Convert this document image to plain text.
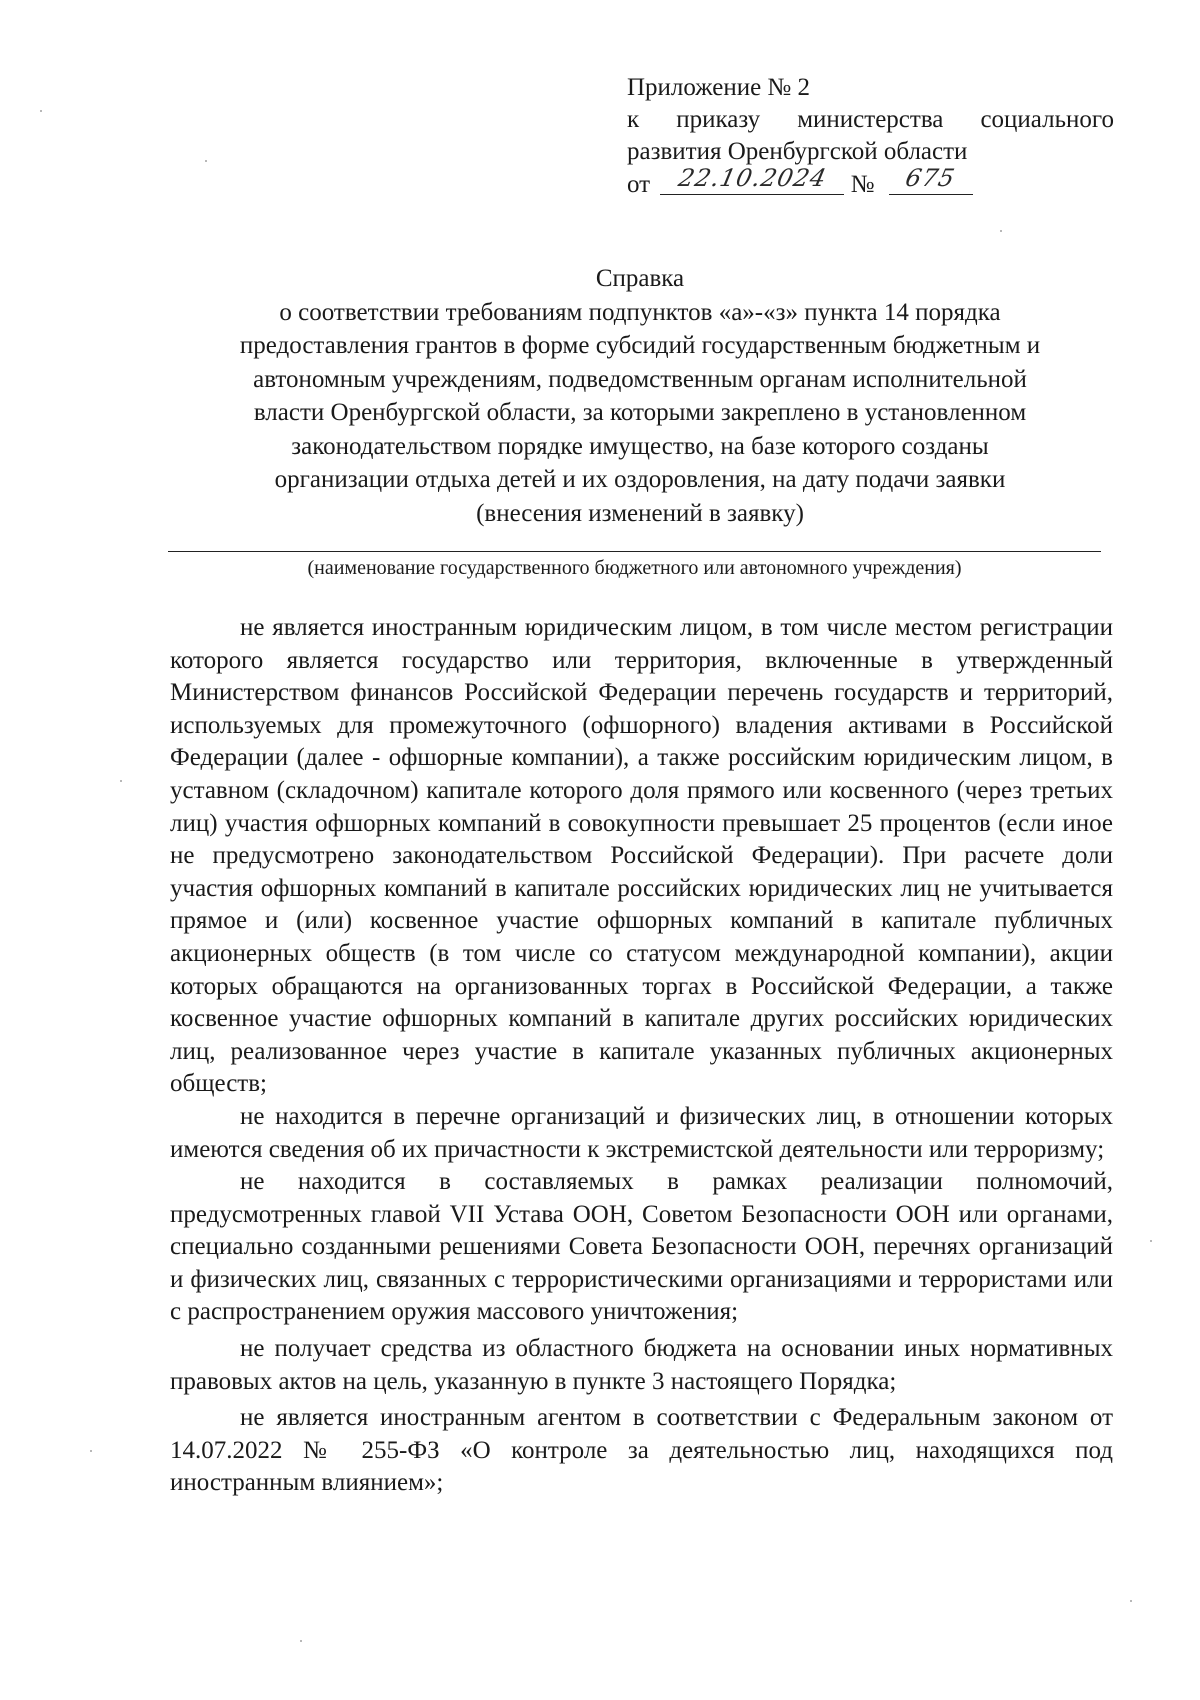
Приложение № 2
к приказу министерства социального
развития Оренбургской области
от 22.10.2024 № 675
Справка
о соответствии требованиям подпунктов «а»-«з» пункта 14 порядка
предоставления грантов в форме субсидий государственным бюджетным и
автономным учреждениям, подведомственным органам исполнительной
власти Оренбургской области, за которыми закреплено в установленном
законодательством порядке имущество, на базе которого созданы
организации отдыха детей и их оздоровления, на дату подачи заявки
(внесения изменений в заявку)
(наименование государственного бюджетного или автономного учреждения)

не является иностранным юридическим лицом, в том числе местом регистрации которого является государство или территория, включенные в утвержденный Министерством финансов Российской Федерации перечень государств и территорий, используемых для промежуточного (офшорного) владения активами в Российской Федерации (далее - офшорные компании), а также российским юридическим лицом, в уставном (складочном) капитале которого доля прямого или косвенного (через третьих лиц) участия офшорных компаний в совокупности превышает 25 процентов (если иное не предусмотрено законодательством Российской Федерации). При расчете доли участия офшорных компаний в капитале российских юридических лиц не учитывается прямое и (или) косвенное участие офшорных компаний в капитале публичных акционерных обществ (в том числе со статусом международной компании), акции которых обращаются на организованных торгах в Российской Федерации, а также косвенное участие офшорных компаний в капитале других российских юридических лиц, реализованное через участие в капитале указанных публичных акционерных обществ;

не находится в перечне организаций и физических лиц, в отношении которых имеются сведения об их причастности к экстремистской деятельности или терроризму;

не находится в составляемых в рамках реализации полномочий, предусмотренных главой VII Устава ООН, Советом Безопасности ООН или органами, специально созданными решениями Совета Безопасности ООН, перечнях организаций и физических лиц, связанных с террористическими организациями и террористами или с распространением оружия массового уничтожения;

не получает средства из областного бюджета на основании иных нормативных правовых актов на цель, указанную в пункте 3 настоящего Порядка;

не является иностранным агентом в соответствии с Федеральным законом от 14.07.2022 № 255-ФЗ «О контроле за деятельностью лиц, находящихся под иностранным влиянием»;
